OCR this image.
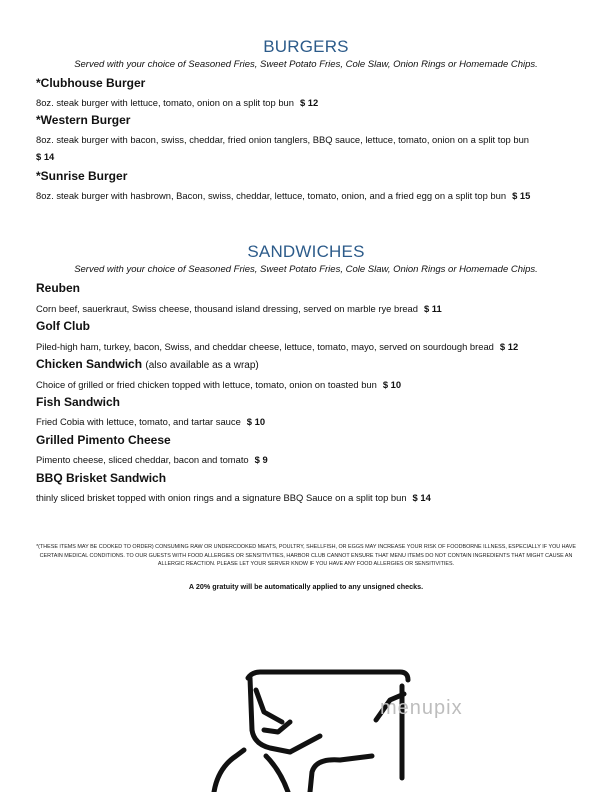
BURGERS
Served with your choice of Seasoned Fries, Sweet Potato Fries, Cole Slaw, Onion Rings or Homemade Chips.
*Clubhouse Burger
8oz. steak burger with lettuce, tomato, onion on a split top bun $ 12
*Western Burger
8oz. steak burger with bacon, swiss, cheddar, fried onion tanglers, BBQ sauce, lettuce, tomato, onion on a split top bun
$ 14
*Sunrise Burger
8oz. steak burger with hasbrown, Bacon, swiss, cheddar, lettuce, tomato, onion, and a fried egg on a split top bun $ 15
SANDWICHES
Served with your choice of Seasoned Fries, Sweet Potato Fries, Cole Slaw, Onion Rings or Homemade Chips.
Reuben
Corn beef, sauerkraut, Swiss cheese, thousand island dressing, served on marble rye bread $ 11
Golf Club
Piled-high ham, turkey, bacon, Swiss, and cheddar cheese, lettuce, tomato, mayo, served on sourdough bread $ 12
Chicken Sandwich (also available as a wrap)
Choice of grilled or fried chicken topped with lettuce, tomato, onion on toasted bun $ 10
Fish Sandwich
Fried Cobia with lettuce, tomato, and tartar sauce $ 10
Grilled Pimento Cheese
Pimento cheese, sliced cheddar, bacon and tomato $ 9
BBQ Brisket Sandwich
thinly sliced brisket topped with onion rings and a signature BBQ Sauce on a split top bun $ 14
*(THESE ITEMS MAY BE COOKED TO ORDER) CONSUMING RAW OR UNDERCOOKED MEATS, POULTRY, SHELLFISH, OR EGGS MAY INCREASE YOUR RISK OF FOODBORNE ILLNESS, ESPECIALLY IF YOU HAVE CERTAIN MEDICAL CONDITIONS. TO OUR GUESTS WITH FOOD ALLERGIES OR SENSITIVITIES, HARBOR CLUB CANNOT ENSURE THAT MENU ITEMS DO NOT CONTAIN INGREDIENTS THAT MIGHT CAUSE AN ALLERGIC REACTION. PLEASE LET YOUR SERVER KNOW IF YOU HAVE ANY FOOD ALLERGIES OR SENSITIVITIES.
A 20% gratuity will be automatically applied to any unsigned checks.
menupix
